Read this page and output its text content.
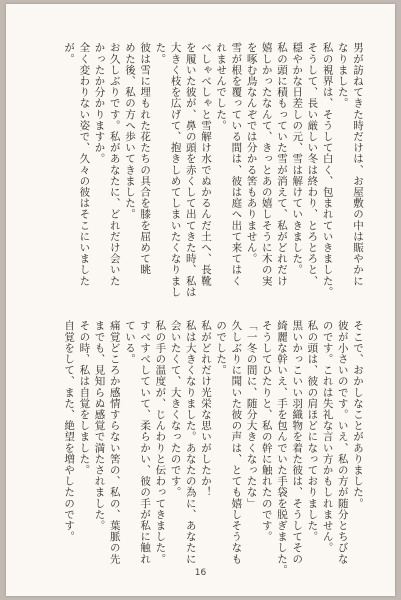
男が訪ねてきた時だけは、お屋敷の中は賑やかに
なりました。
私の視界は、そうして白く、包まれていきました。
そうして、長い厳しい冬は終わり、とろとろと、
穏やかな日差しの元、雪は解けていきました。
私の頭に積もっていた雪が消えて、私がどれだけ
嬉しかったなんて、きっとあの嬉しそうに木の実
を啄む鳥なんぞでは分かる筈もありません。
雪が根を覆っている間は、彼は庭へ出て来てはく
れませんでした。
べしゃべしゃと雪解け水でぬかるんだ土へ、長靴
を履いた彼が、鼻の頭を赤くして出てきた時、私は
大きく枝を広げて、抱きしめてしまいたくなりまし
た。
彼は雪に埋もれた花たちの具合を膝を屈めて眺
めた後、私の方へ歩いてきました。
お久しぶりです。私があなたに、どれだけ会いた
かったか分かりますか。
全く変わりない姿で、久々の彼はそこにいました
が。

そこで、おかしなことがありました。
彼が小さいのです。いえ、私の方が随分とちびな
のです。これは失礼な言い方かもしれません。
私の頭は、彼の肩ほどになっておりました。
黒いかっこいい羽織物を着た彼は、そうしてその
綺麗な幹いえ、手を包んでいた手袋を脱ぎました。
そうしてひたりと、私の幹に触れたのです。
「一冬の間に、随分大きくなったな」
久しぶりに聞いた彼の声は、とても嬉しそうなも
のでした。
私がどれだけ光栄な思いがしたか！
私は大きくなりました。あなたの為に、あなたに
会いたくて、大きくなったのです。
私の手の温度が、じんわりと伝わってきました。
すべすべしていて、柔らかい、彼の手が私に触れ
ている。
痛覚どころか感情すらない筈の、私の、葉脈の先
までも、見知らぬ感覚で満たされました。
その時、私は自覚をしました。
自覚をして、また、絶望を増やしたのです。

16
